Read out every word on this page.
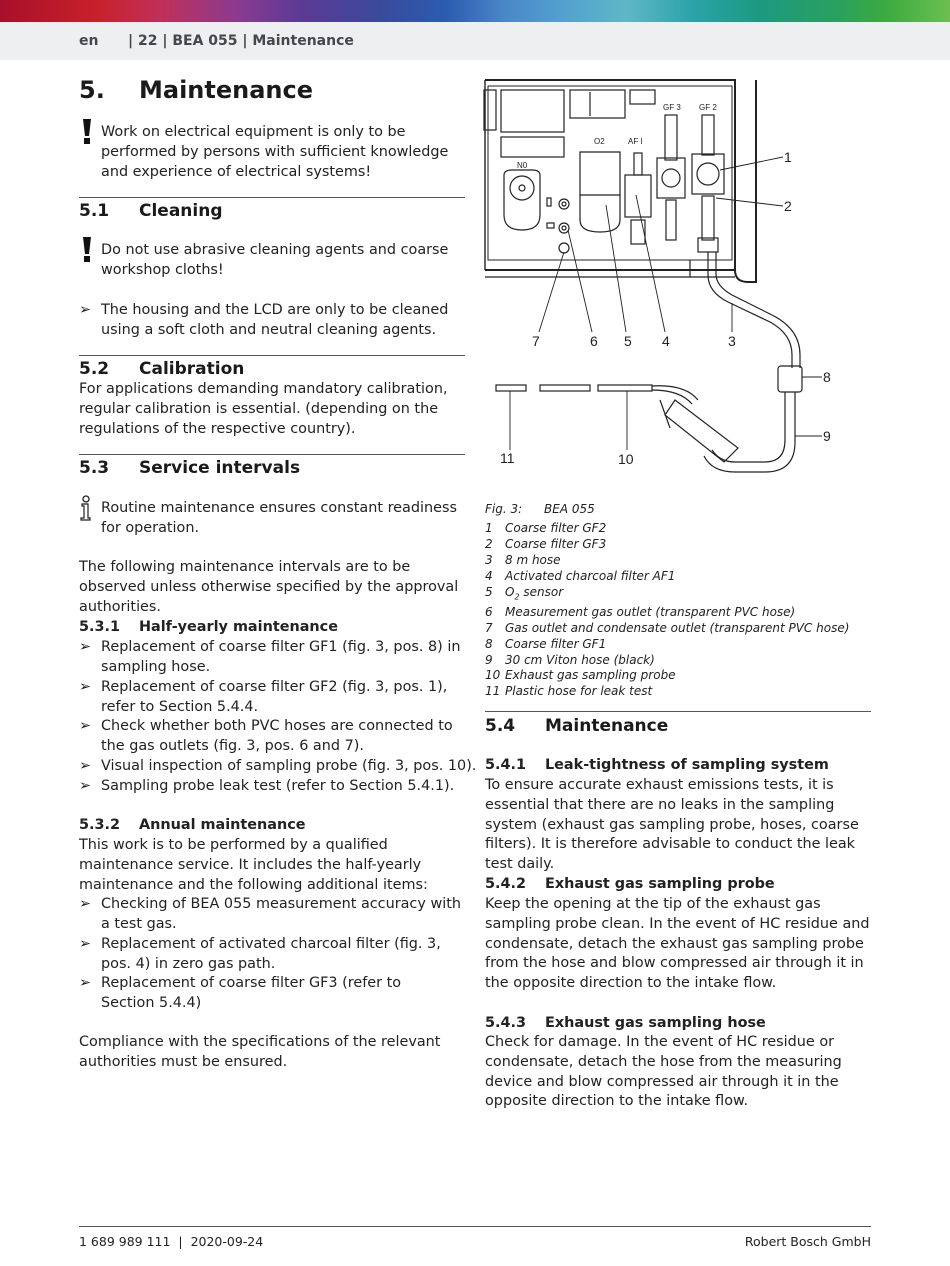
en | 22 | BEA 055 | Maintenance
5. Maintenance
Work on electrical equipment is only to be
performed by persons with sufficient knowledge
and experience of electrical systems!
5.1 Cleaning
Do not use abrasive cleaning agents and coarse
workshop cloths!
➢ The housing and the LCD are only to be cleaned
using a soft cloth and neutral cleaning agents.
5.2 Calibration
For applications demanding mandatory calibration,
regular calibration is essential. (depending on the
regulations of the respective country).
5.3 Service intervals
Routine maintenance ensures constant readiness
for operation.
The following maintenance intervals are to be
observed unless otherwise specified by the approval
authorities.
5.3.1 Half-yearly maintenance
➢ Replacement of coarse filter GF1 (fig. 3, pos. 8) in
sampling hose.
➢ Replacement of coarse filter GF2 (fig. 3, pos. 1),
refer to Section 5.4.4.
➢ Check whether both PVC hoses are connected to
the gas outlets (fig. 3, pos. 6 and 7).
➢ Visual inspection of sampling probe (fig. 3, pos. 10).
➢ Sampling probe leak test (refer to Section 5.4.1).
5.3.2 Annual maintenance
This work is to be performed by a qualified
maintenance service. It includes the half-yearly
maintenance and the following additional items:
➢ Checking of BEA 055 measurement accuracy with
a test gas.
➢ Replacement of activated charcoal filter (fig. 3,
pos. 4) in zero gas path.
➢ Replacement of coarse filter GF3 (refer to
Section 5.4.4)
Compliance with the specifications of the relevant
authorities must be ensured.
GF 3 GF 2
O2	AF I
N0
1
2
3
4
5
6
7
8
9
10
11
Fig. 3: BEA 055
1 Coarse filter GF2
2 Coarse filter GF3
3 8 m hose
4 Activated charcoal filter AF1
5 $O_2$ sensor
6 Measurement gas outlet (transparent PVC hose)
7 Gas outlet and condensate outlet (transparent PVC hose)
8 Coarse filter GF1
9 30 cm Viton hose (black)
10 Exhaust gas sampling probe
11 Plastic hose for leak test
5.4 Maintenance
5.4.1 Leak-tightness of sampling system
To ensure accurate exhaust emissions tests, it is
essential that there are no leaks in the sampling
system (exhaust gas sampling probe, hoses, coarse
filters). It is therefore advisable to conduct the leak
test daily.
5.4.2 Exhaust gas sampling probe
Keep the opening at the tip of the exhaust gas
sampling probe clean. In the event of HC residue and
condensate, detach the exhaust gas sampling probe
from the hose and blow compressed air through it in
the opposite direction to the intake flow.
5.4.3 Exhaust gas sampling hose
Check for damage. In the event of HC residue or
condensate, detach the hose from the measuring
device and blow compressed air through it in the
opposite direction to the intake flow.
1 689 989 111  |  2020-09-24	Robert Bosch GmbH
